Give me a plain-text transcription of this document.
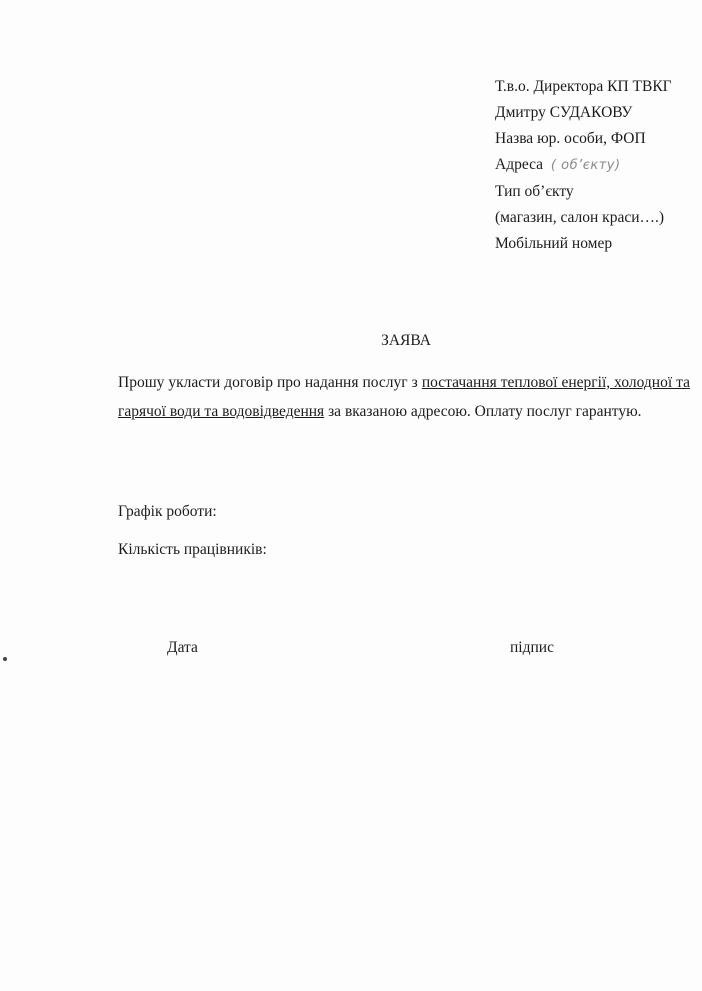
Т.в.о. Директора КП ТВКГ
Дмитру СУДАКОВУ
Назва юр. особи, ФОП
Адреса ( об’єкту)
Тип об’єкту
(магазин, салон краси….)
Мобільний номер
ЗАЯВА
Прошу укласти договір про надання послуг з постачання теплової енергії, холодної та гарячої води та водовідведення за вказаною адресою. Оплату послуг гарантую.
Графік роботи:
Кількість працівників:
Дата	підпис
